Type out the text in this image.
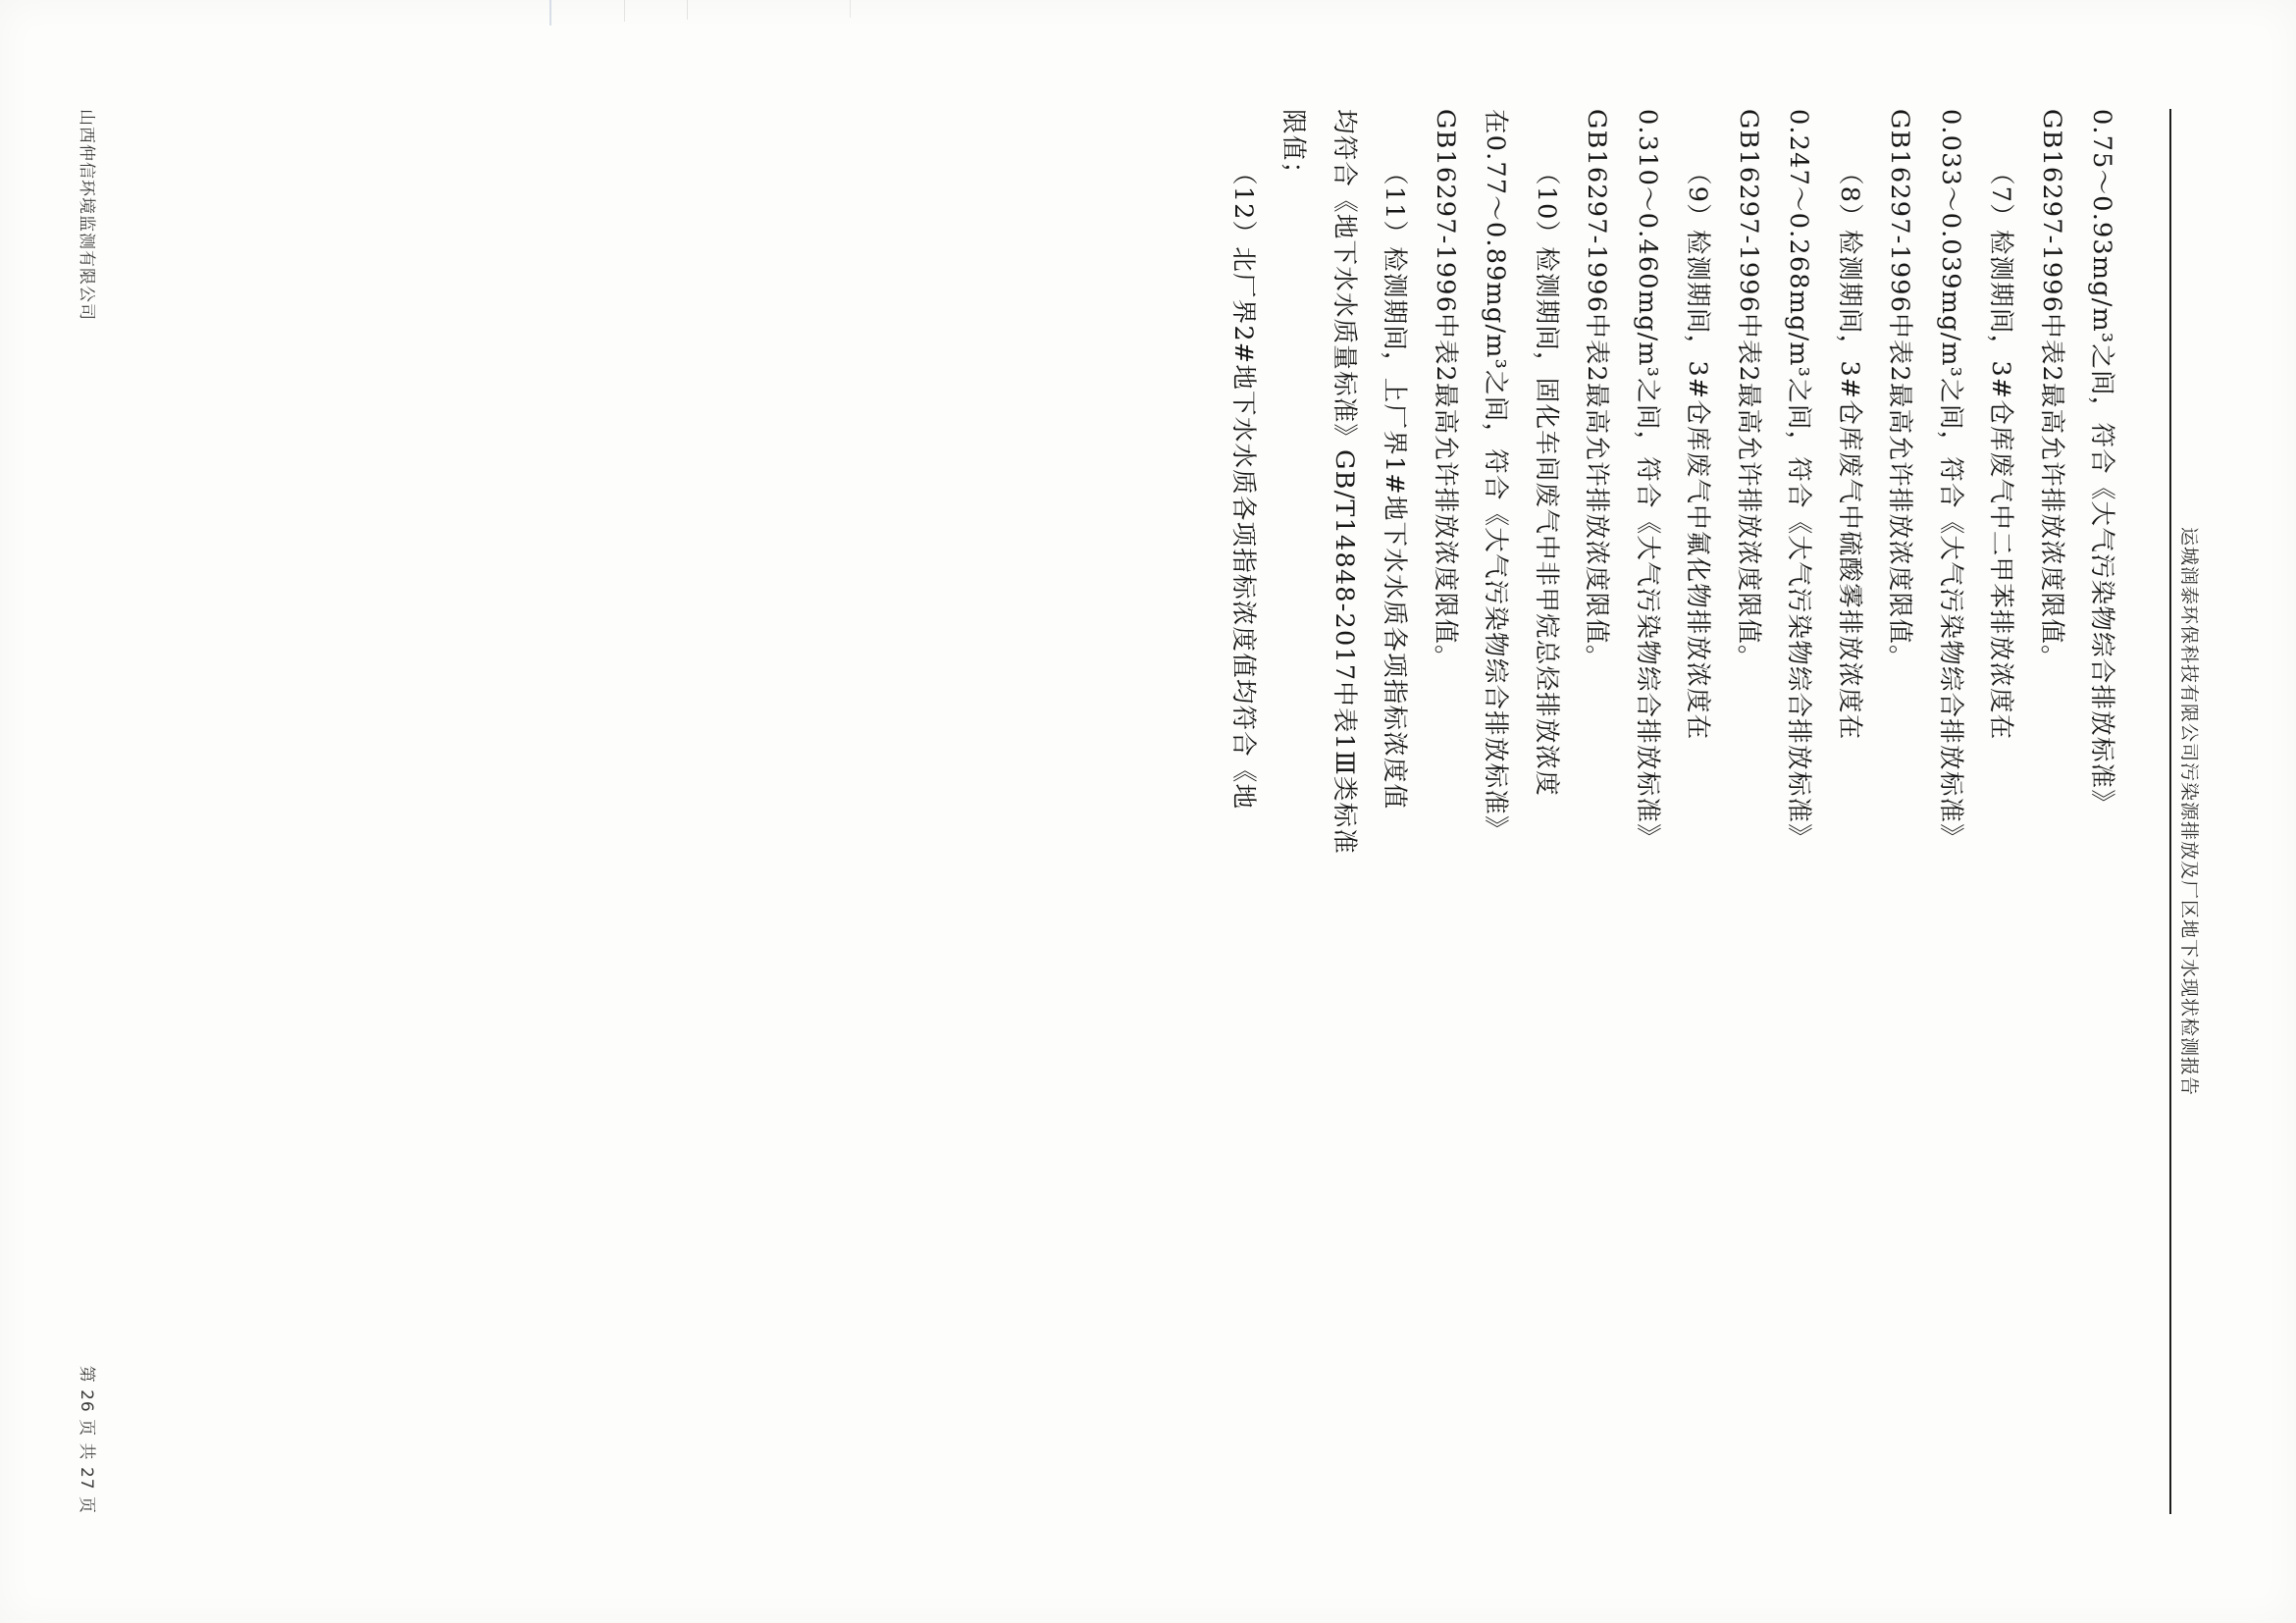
运城润泰环保科技有限公司污染源排放及厂区地下水现状检测报告

0.75～0.93mg/m³之间，符合《大气污染物综合排放标准》

GB16297-1996中表2最高允许排放浓度限值。

（7）检测期间，3#仓库废气中二甲苯排放浓度在

0.033～0.039mg/m³之间，符合《大气污染物综合排放标准》

GB16297-1996中表2最高允许排放浓度限值。

（8）检测期间，3#仓库废气中硫酸雾排放浓度在

0.247～0.268mg/m³之间，符合《大气污染物综合排放标准》

GB16297-1996中表2最高允许排放浓度限值。

（9）检测期间，3#仓库废气中氟化物排放浓度在

0.310～0.460mg/m³之间，符合《大气污染物综合排放标准》

GB16297-1996中表2最高允许排放浓度限值。

（10）检测期间，固化车间废气中非甲烷总烃排放浓度

在0.77～0.89mg/m³之间，符合《大气污染物综合排放标准》

GB16297-1996中表2最高允许排放浓度限值。

（11）检测期间，上厂界1#地下水水质各项指标浓度值

均符合《地下水水质量标准》GB/T14848-2017中表1Ⅲ类标准

限值；

（12）北厂界2#地下水水质各项指标浓度值均符合《地

山西仲信环境监测有限公司
第 26 页 共 27 页
